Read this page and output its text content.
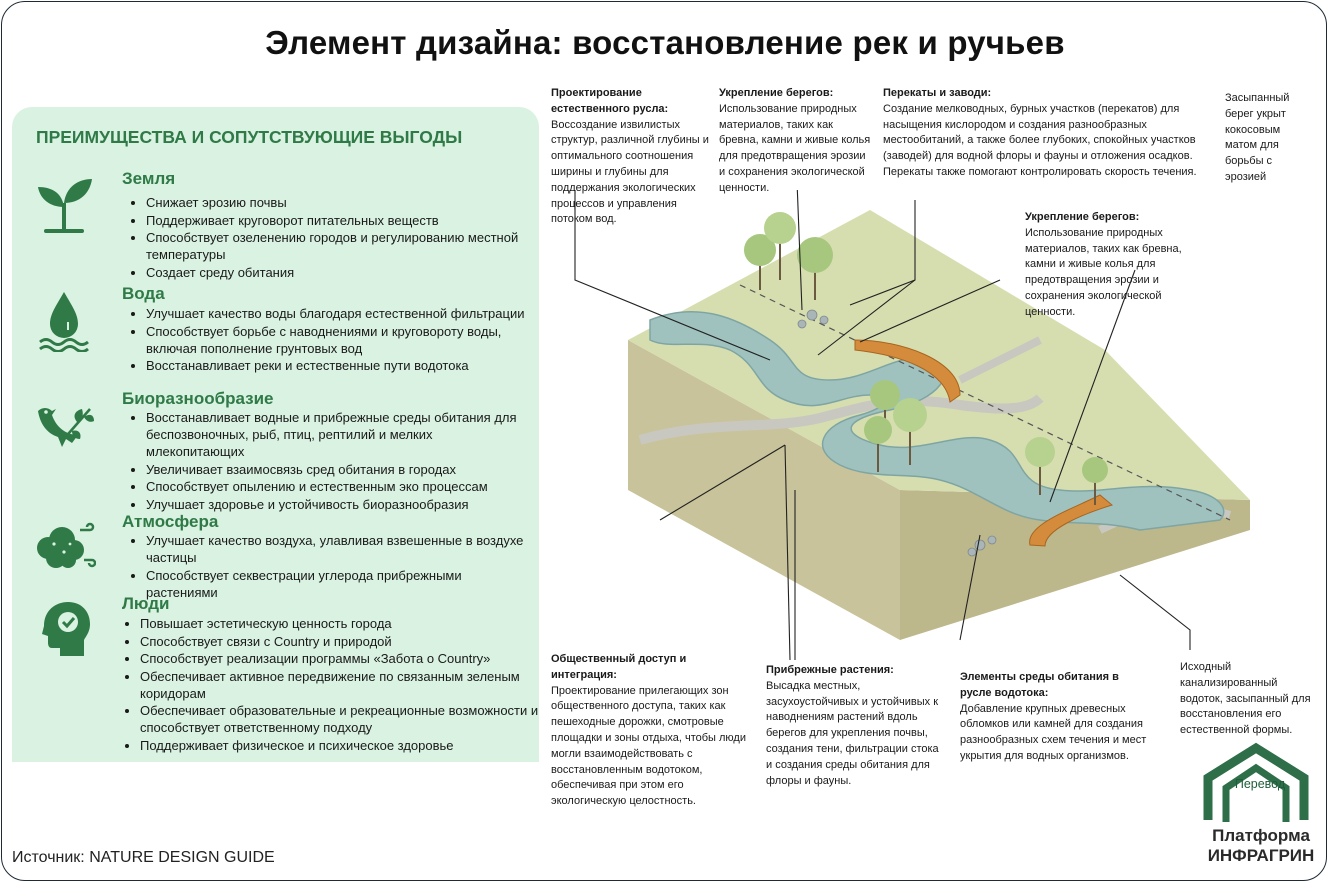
Элемент дизайна: восстановление рек и ручьев
ПРЕИМУЩЕСТВА И СОПУТСТВУЮЩИЕ ВЫГОДЫ
Земля
• Снижает эрозию почвы
• Поддерживает круговорот питательных веществ
• Способствует озеленению городов и регулированию местной температуры
• Создает среду обитания
Вода
• Улучшает качество воды благодаря естественной фильтрации
• Способствует борьбе с наводнениями и круговороту воды, включая пополнение грунтовых вод
• Восстанавливает реки и естественные пути водотока
Биоразнообразие
• Восстанавливает водные и прибрежные среды обитания для беспозвоночных, рыб, птиц, рептилий и мелких млекопитающих
• Увеличивает взаимосвязь сред обитания в городах
• Способствует опылению и естественным эко процессам
• Улучшает здоровье и устойчивость биоразнообразия
Атмосфера
• Улучшает качество воздуха, улавливая взвешенные в воздухе частицы
• Способствует секвестрации углерода прибрежными растениями
Люди
• Повышает эстетическую ценность города
• Способствует связи с Country и природой
• Способствует реализации программы «Забота о Country»
• Обеспечивает активное передвижение по связанным зеленым коридорам
• Обеспечивает образовательные и рекреационные возможности и способствует ответственному подходу
• Поддерживает физическое и психическое здоровье
Проектирование естественного русла:
Воссоздание извилистых структур, различной глубины и оптимального соотношения ширины и глубины для поддержания экологических процессов и управления потоком вод.
Укрепление берегов:
Использование природных материалов, таких как бревна, камни и живые колья для предотвращения эрозии и сохранения экологической ценности.
Перекаты и заводи:
Создание мелководных, бурных участков (перекатов) для насыщения кислородом и создания разнообразных местообитаний, а также более глубоких, спокойных участков (заводей) для водной флоры и фауны и отложения осадков. Перекаты также помогают контролировать скорость течения.
Засыпанный берег укрыт кокосовым матом для борьбы с эрозией
Укрепление берегов:
Использование природных материалов, таких как бревна, камни и живые колья для предотвращения эрозии и сохранения экологической ценности.
Общественный доступ и интеграция:
Проектирование прилегающих зон общественного доступа, таких как пешеходные дорожки, смотровые площадки и зоны отдыха, чтобы люди могли взаимодействовать с восстановленным водотоком, обеспечивая при этом его экологическую целостность.
Прибрежные растения:
Высадка местных, засухоустойчивых и устойчивых к наводнениям растений вдоль берегов для укрепления почвы, создания тени, фильтрации стока и создания среды обитания для флоры и фауны.
Элементы среды обитания в русле водотока:
Добавление крупных древесных обломков или камней для создания разнообразных схем течения и мест укрытия для водных организмов.
Исходный канализированный водоток, засыпанный для восстановления его естественной формы.
Источник: NATURE DESIGN GUIDE
Перевод
Платформа
ИНФРАГРИН
